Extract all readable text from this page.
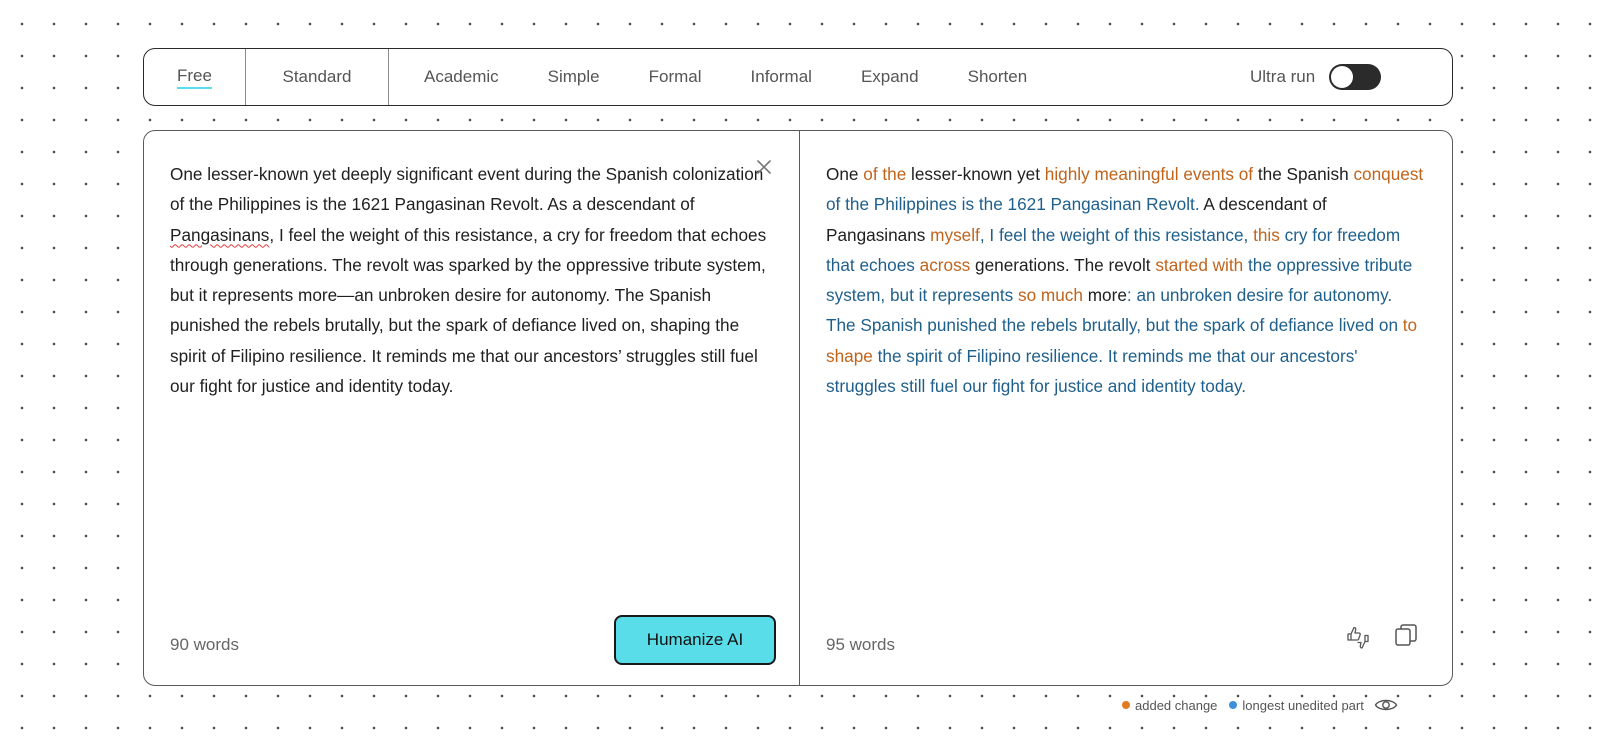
Free	Standard	Academic	Simple	Formal	Informal	Expand	Shorten	Ultra run
One lesser-known yet deeply significant event during the Spanish colonization of the Philippines is the 1621 Pangasinan Revolt. As a descendant of Pangasinans, I feel the weight of this resistance, a cry for freedom that echoes through generations. The revolt was sparked by the oppressive tribute system, but it represents more—an unbroken desire for autonomy. The Spanish punished the rebels brutally, but the spark of defiance lived on, shaping the spirit of Filipino resilience. It reminds me that our ancestors’ struggles still fuel our fight for justice and identity today.
90 words	Humanize AI
One of the lesser-known yet highly meaningful events of the Spanish conquest of the Philippines is the 1621 Pangasinan Revolt. A descendant of Pangasinans myself, I feel the weight of this resistance, this cry for freedom that echoes across generations. The revolt started with the oppressive tribute system, but it represents so much more: an unbroken desire for autonomy. The Spanish punished the rebels brutally, but the spark of defiance lived on to shape the spirit of Filipino resilience. It reminds me that our ancestors' struggles still fuel our fight for justice and identity today.
95 words
added change longest unedited part
